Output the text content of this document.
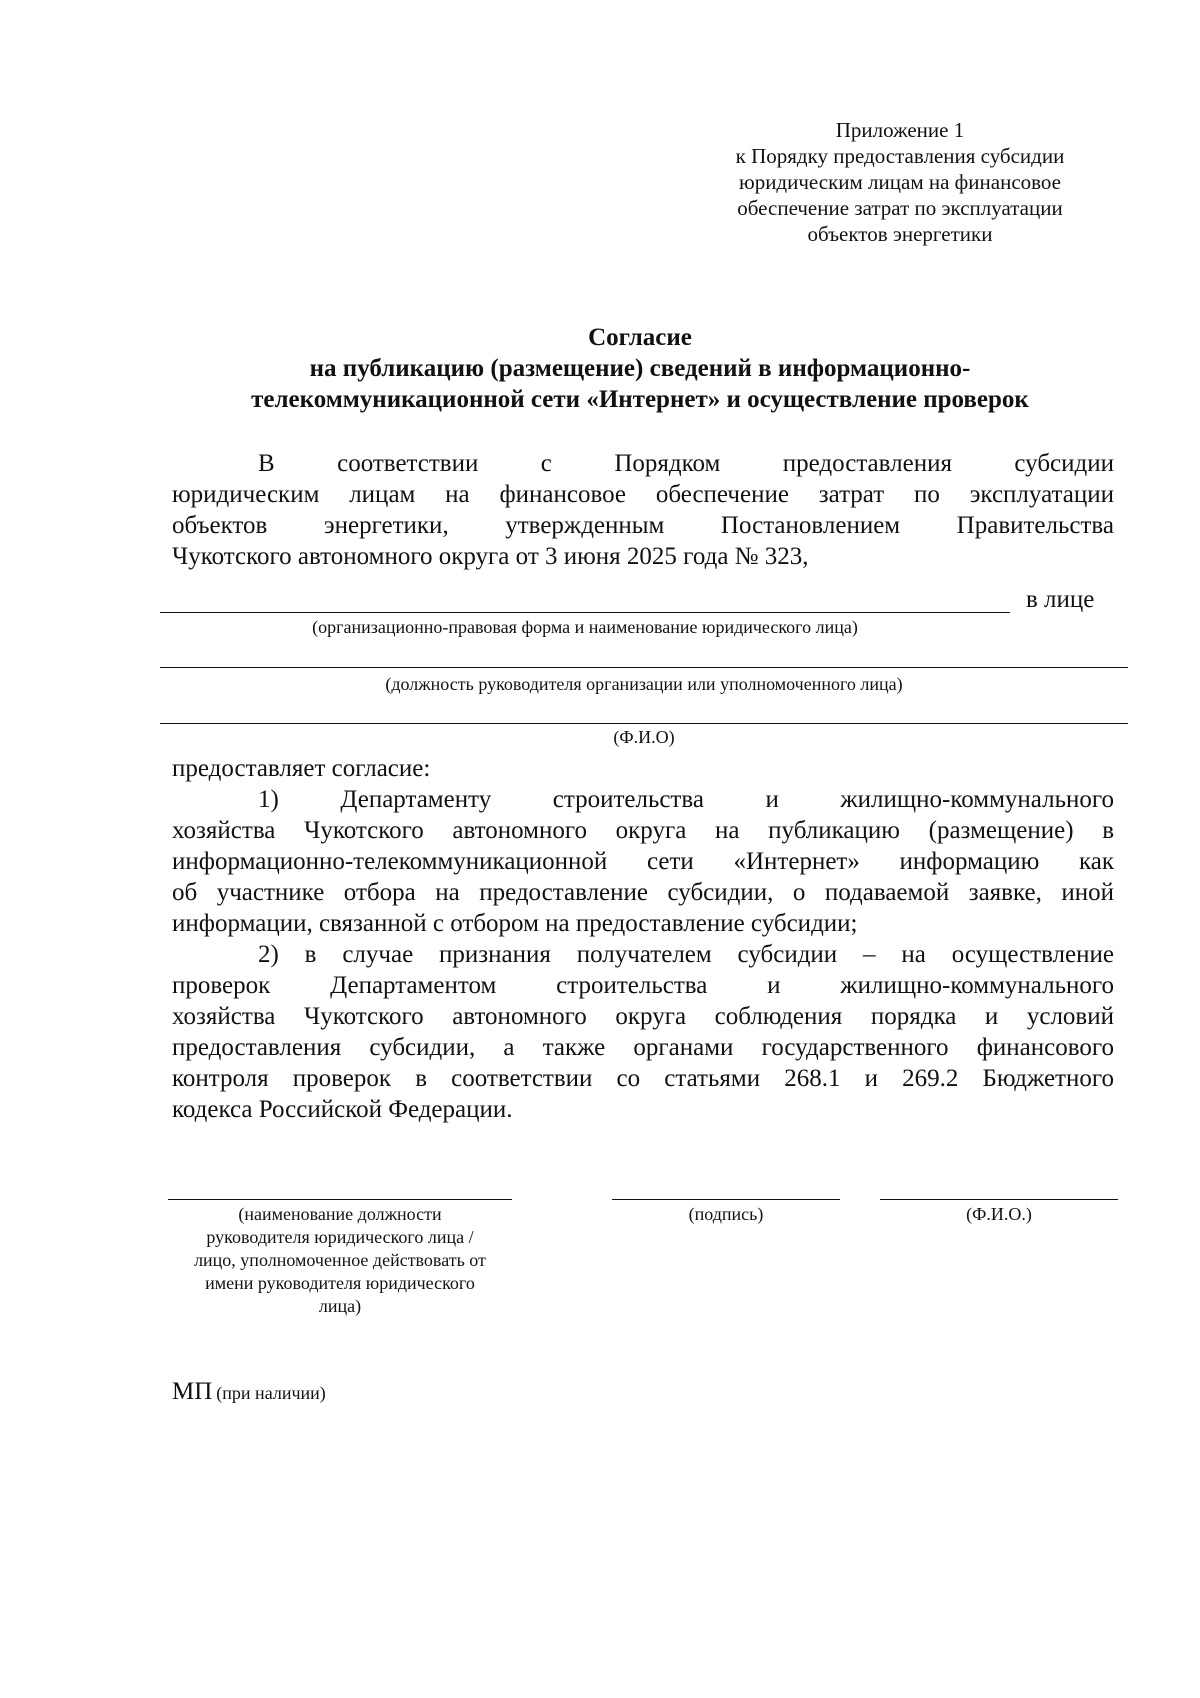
Приложение 1
к Порядку предоставления субсидии
юридическим лицам на финансовое
обеспечение затрат по эксплуатации
объектов энергетики
Согласие
на публикацию (размещение) сведений в информационно-
телекоммуникационной сети «Интернет» и осуществление проверок
В соответствии с Порядком предоставления субсидии
юридическим лицам на финансовое обеспечение затрат по эксплуатации
объектов энергетики, утвержденным Постановлением Правительства
Чукотского автономного округа от 3 июня 2025 года № 323,
в лице
(организационно-правовая форма и наименование юридического лица)
(должность руководителя организации или уполномоченного лица)
(Ф.И.О)
предоставляет согласие:
1) Департаменту строительства и жилищно-коммунального
хозяйства Чукотского автономного округа на публикацию (размещение) в
информационно-телекоммуникационной сети «Интернет» информацию как
об участнике отбора на предоставление субсидии, о подаваемой заявке, иной
информации, связанной с отбором на предоставление субсидии;
2) в случае признания получателем субсидии – на осуществление
проверок Департаментом строительства и жилищно-коммунального
хозяйства Чукотского автономного округа соблюдения порядка и условий
предоставления субсидии, а также органами государственного финансового
контроля проверок в соответствии со статьями 268.1 и 269.2 Бюджетного
кодекса Российской Федерации.
(наименование должности
руководителя юридического лица /
лицо, уполномоченное действовать от
имени руководителя юридического
лица)
(подпись)	(Ф.И.О.)
МП (при наличии)
